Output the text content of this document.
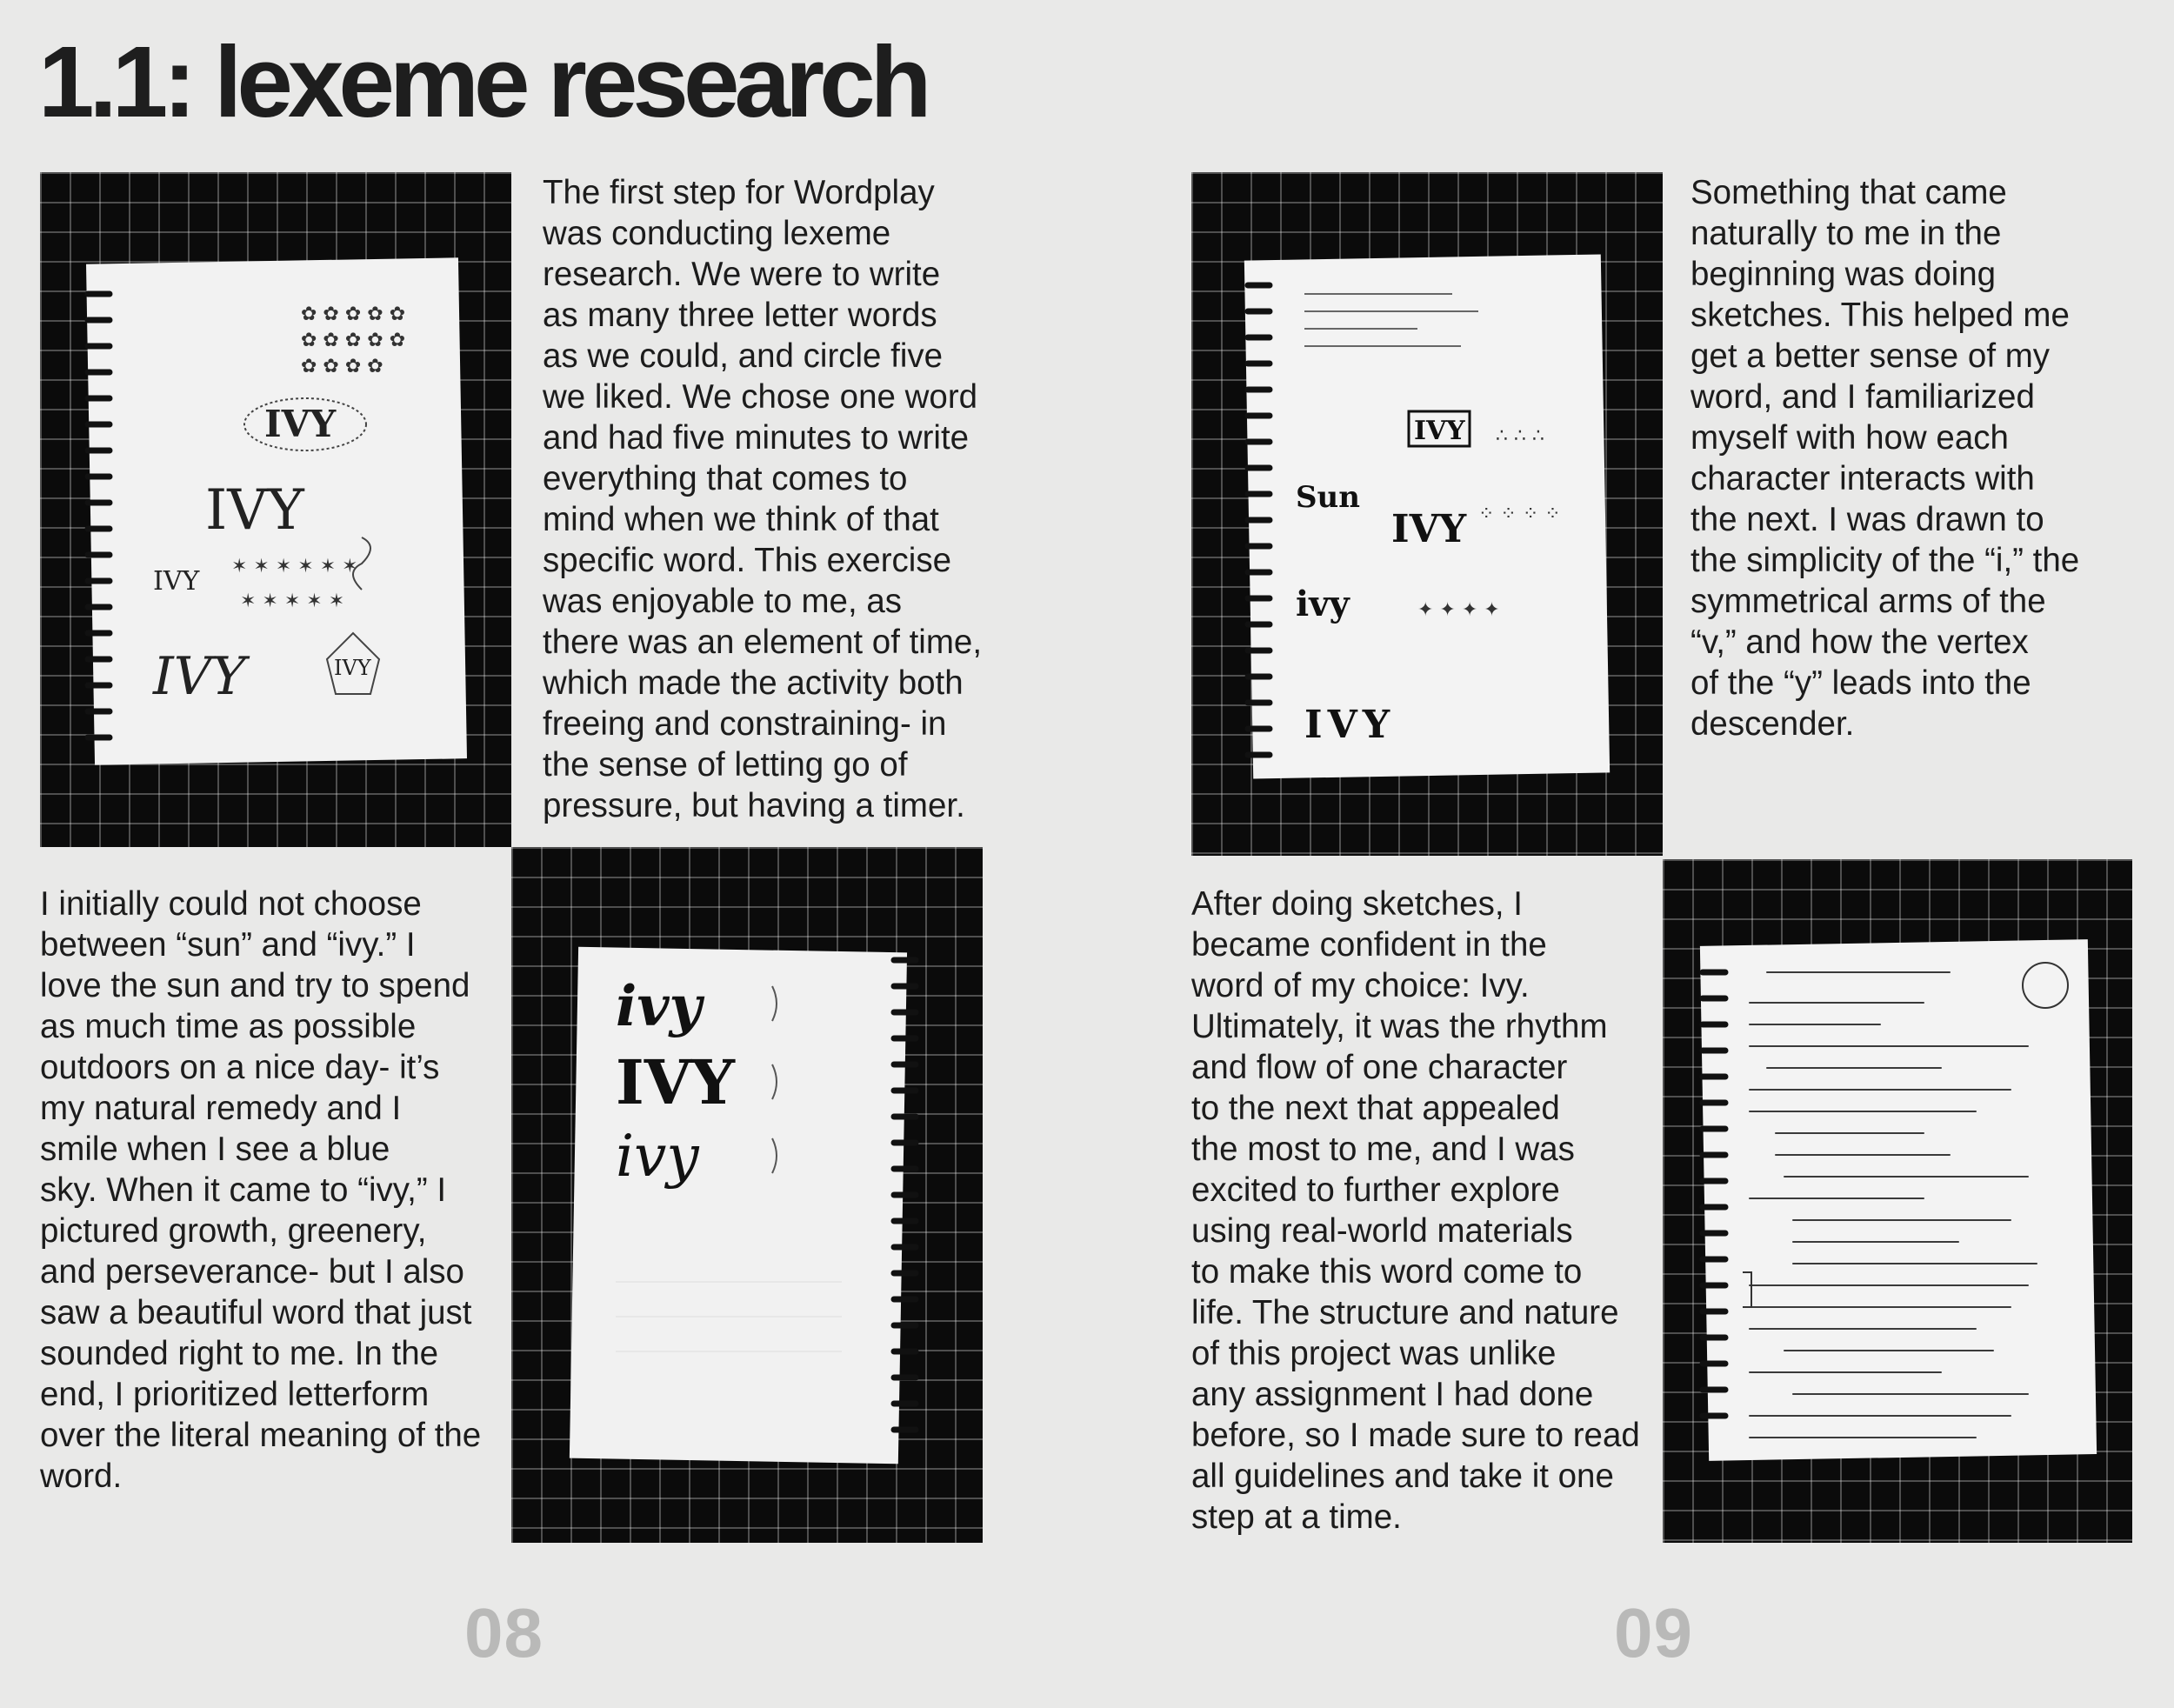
1.1: lexeme research
IVY
IVY
IVY
IVY	IVY
✿ ✿ ✿ ✿ ✿
✿ ✿ ✿ ✿ ✿
✿ ✿ ✿ ✿
✶ ✶ ✶ ✶ ✶ ✶
✶ ✶ ✶ ✶ ✶

The first step for Wordplay
was conducting lexeme
research. We were to write
as many three letter words
as we could, and circle five
we liked. We chose one word
and had five minutes to write
everything that comes to
mind when we think of that
specific word. This exercise
was enjoyable to me, as
there was an element of time,
which made the activity both
freeing and constraining- in
the sense of letting go of
pressure, but having a timer.

I initially could not choose
between “sun” and “ivy.” I
love the sun and try to spend
as much time as possible
outdoors on a nice day- it’s
my natural remedy and I
smile when I see a blue
sky. When it came to “ivy,” I
pictured growth, greenery,
and perseverance- but I also
saw a beautiful word that just
sounded right to me. In the
end, I prioritized letterform
over the literal meaning of the
word.

ivy
IVY
ivy
08
IVY
Sun
ivy
IVY
IVY
∴ ∴ ∴
⁘ ⁘ ⁘ ⁘
✦ ✦ ✦ ✦

Something that came
naturally to me in the
beginning was doing
sketches. This helped me
get a better sense of my
word, and I familiarized
myself with how each
character interacts with
the next. I was drawn to
the simplicity of the “i,” the
symmetrical arms of the
“v,” and how the vertex
of the “y” leads into the
descender.

After doing sketches, I
became confident in the
word of my choice: Ivy.
Ultimately, it was the rhythm
and flow of one character
to the next that appealed
the most to me, and I was
excited to further explore
using real-world materials
to make this word come to
life. The structure and nature
of this project was unlike
any assignment I had done
before, so I made sure to read
all guidelines and take it one
step at a time.

09
